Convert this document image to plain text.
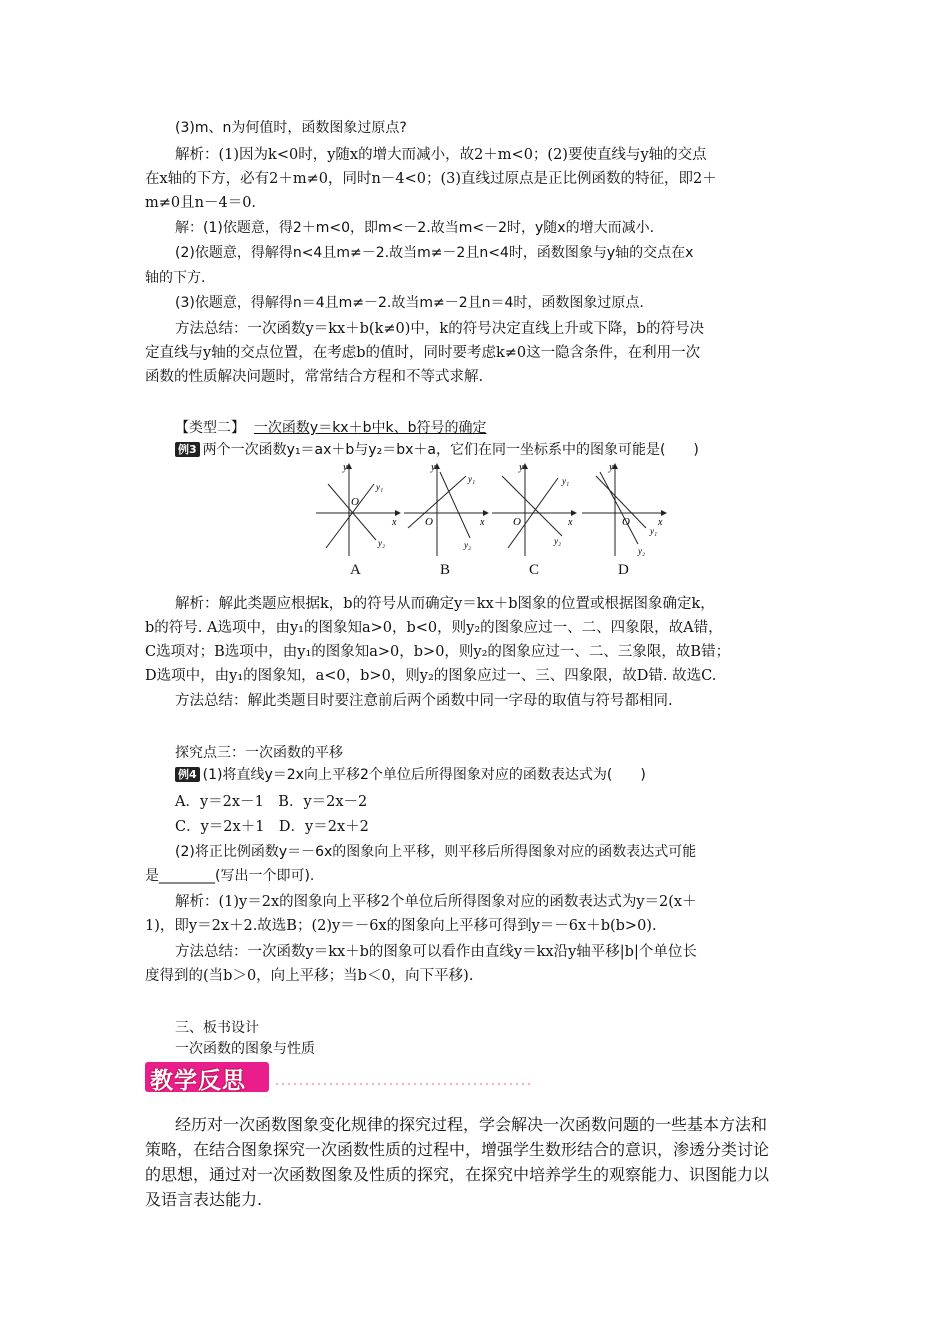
(3)m、n为何值时，函数图象过原点?
解析：(1)因为k<0时，y随x的增大而减小，故2＋m<0；(2)要使直线与y轴的交点
在x轴的下方，必有2＋m≠0，同时n－4<0；(3)直线过原点是正比例函数的特征，即2＋
m≠0且n－4＝0.
解：(1)依题意，得2＋m<0，即m<－2.故当m<－2时，y随x的增大而减小.
(2)依题意，得解得n<4且m≠－2.故当m≠－2且n<4时，函数图象与y轴的交点在x
轴的下方.
(3)依题意，得解得n＝4且m≠－2.故当m≠－2且n＝4时，函数图象过原点.
方法总结：一次函数y＝kx＋b(k≠0)中，k的符号决定直线上升或下降，b的符号决
定直线与y轴的交点位置，在考虑b的值时，同时要考虑k≠0这一隐含条件，在利用一次
函数的性质解决问题时，常常结合方程和不等式求解.
【类型二】 一次函数y＝kx＋b中k、b符号的确定
例3 两个一次函数y₁＝ax＋b与y₂＝bx＋a，它们在同一坐标系中的图象可能是(　　)
y
x
O
y₁
y₂
y
x
O
y₁
y₂
y
x
O
y₁
y₂
y
x
O
y₁
y₂
A	B	C	D
解析：解此类题应根据k，b的符号从而确定y＝kx＋b图象的位置或根据图象确定k，
b的符号. A选项中，由y₁的图象知a>0，b<0，则y₂的图象应过一、二、四象限，故A错，
C选项对；B选项中，由y₁的图象知a>0，b>0，则y₂的图象应过一、二、三象限，故B错；
D选项中，由y₁的图象知，a<0，b>0，则y₂的图象应过一、三、四象限，故D错. 故选C.
方法总结：解此类题目时要注意前后两个函数中同一字母的取值与符号都相同.
探究点三：一次函数的平移
例4 (1)将直线y＝2x向上平移2个单位后所得图象对应的函数表达式为(　　)
A．y＝2x－1　B．y＝2x－2
C．y＝2x＋1　D．y＝2x＋2
(2)将正比例函数y＝－6x的图象向上平移，则平移后所得图象对应的函数表达式可能
是________(写出一个即可).
解析：(1)y＝2x的图象向上平移2个单位后所得图象对应的函数表达式为y＝2(x＋
1)，即y＝2x＋2.故选B；(2)y＝－6x的图象向上平移可得到y＝－6x＋b(b>0).
方法总结：一次函数y＝kx＋b的图象可以看作由直线y＝kx沿y轴平移|b|个单位长
度得到的(当b＞0，向上平移；当b＜0，向下平移).
三、板书设计
一次函数的图象与性质
教学反思
经历对一次函数图象变化规律的探究过程，学会解决一次函数问题的一些基本方法和
策略，在结合图象探究一次函数性质的过程中，增强学生数形结合的意识，渗透分类讨论
的思想，通过对一次函数图象及性质的探究，在探究中培养学生的观察能力、识图能力以
及语言表达能力.
